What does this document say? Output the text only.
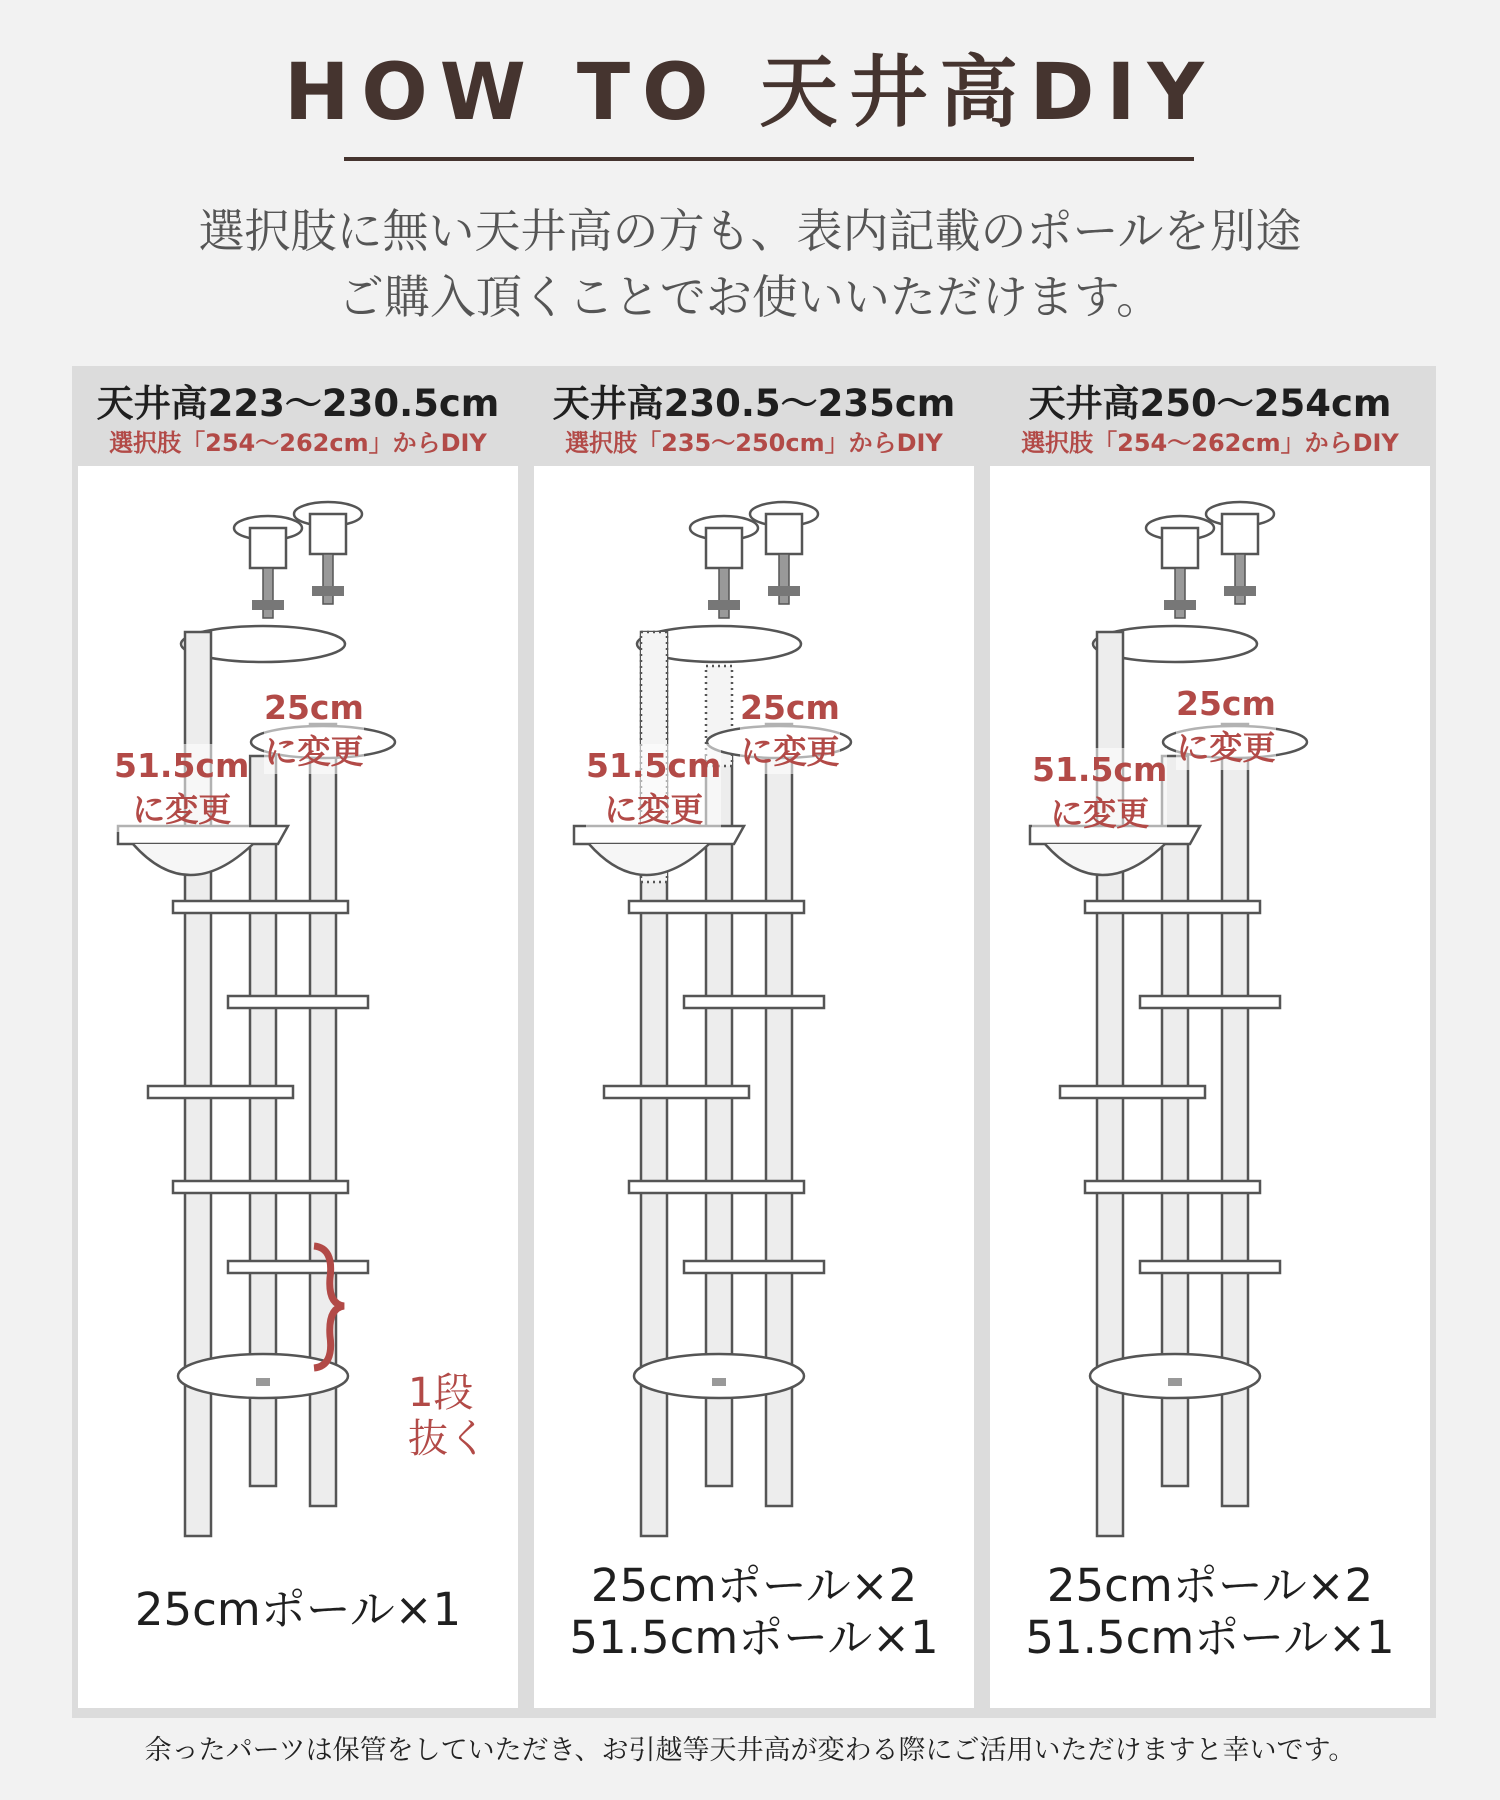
HOW TO 天井高DIY
選択肢に無い天井高の方も、表内記載のポールを別途
ご購入頂くことでお使いいただけます。
天井高223～230.5cm
選択肢「254～262cm」からDIY
51.5cm
に変更
25cm
に変更
1段
抜く
25cmポール×1
天井高230.5～235cm
選択肢「235～250cm」からDIY
51.5cm
に変更
25cm
に変更
25cmポール×2
51.5cmポール×1
天井高250～254cm
選択肢「254～262cm」からDIY
51.5cm
に変更
25cm
に変更
25cmポール×2
51.5cmポール×1
余ったパーツは保管をしていただき、お引越等天井高が変わる際にご活用いただけますと幸いです。
